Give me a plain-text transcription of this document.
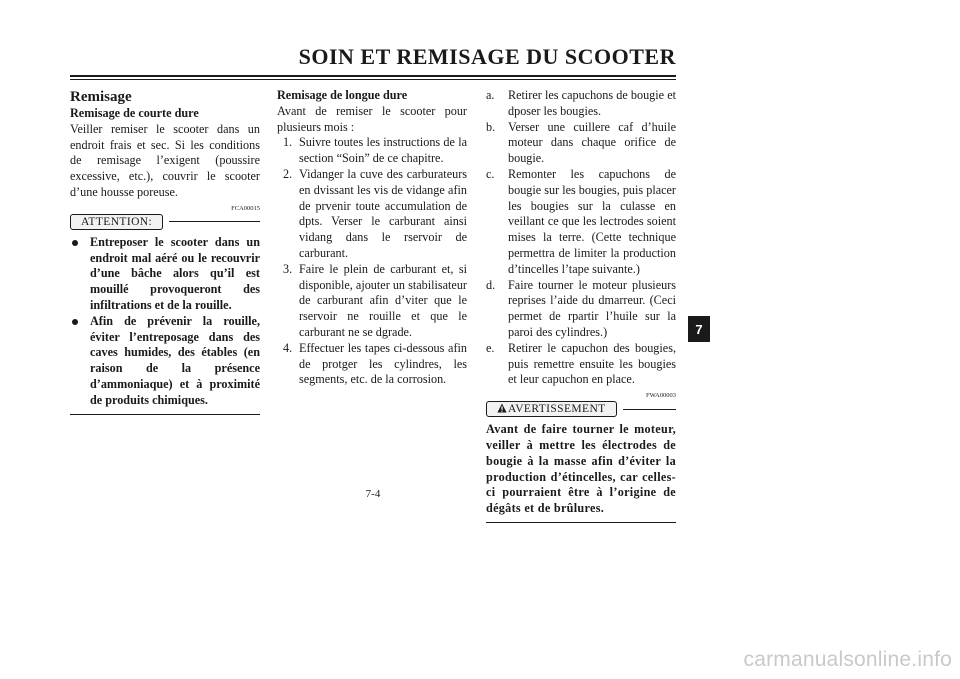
SOIN ET REMISAGE DU SCOOTER

Remisage

Remisage de courte dure

Veiller remiser le scooter dans un endroit frais et sec. Si les conditions de remisage l’exigent (poussire excessive, etc.), couvrir le scooter d’une housse poreuse.

FCA00015
ATTENTION:
Entreposer le scooter dans un endroit mal aéré ou le recouvrir d’une bâche alors qu’il est mouillé provoqueront des infiltrations et de la rouille.
Afin de prévenir la rouille, éviter l’entreposage dans des caves humides, des étables (en raison de la présence d’ammoniaque) et à proximité de produits chimiques.

Remisage de longue dure

Avant de remiser le scooter pour plusieurs mois :

1. Suivre toutes les instructions de la section “Soin” de ce chapitre.
2. Vidanger la cuve des carburateurs en dvissant les vis de vidange afin de prvenir toute accumulation de dpts. Verser le carburant ainsi vidang dans le rservoir de carburant.
3. Faire le plein de carburant et, si disponible, ajouter un stabilisateur de carburant afin d’viter que le rservoir ne rouille et que le carburant ne se dgrade.
4. Effectuer les tapes ci-dessous afin de protger les cylindres, les segments, etc. de la corrosion.
a. Retirer les capuchons de bougie et dposer les bougies.
b. Verser une cuillere caf d’huile moteur dans chaque orifice de bougie.
c. Remonter les capuchons de bougie sur les bougies, puis placer les bougies sur la culasse en veillant ce que les lectrodes soient mises la terre. (Cette technique permettra de limiter la production d’tincelles l’tape suivante.)
d. Faire tourner le moteur plusieurs reprises l’aide du dmarreur. (Ceci permet de rpartir l’huile sur la paroi des cylindres.)
e. Retirer le capuchon des bougies, puis remettre ensuite les bougies et leur capuchon en place.
FWA00003
AVERTISSEMENT

Avant de faire tourner le moteur, veiller à mettre les électrodes de bougie à la masse afin d’éviter la production d’étincelles, car celles-ci pourraient être à l’origine de dégâts et de brûlures.

7-4
7
carmanualsonline.info
